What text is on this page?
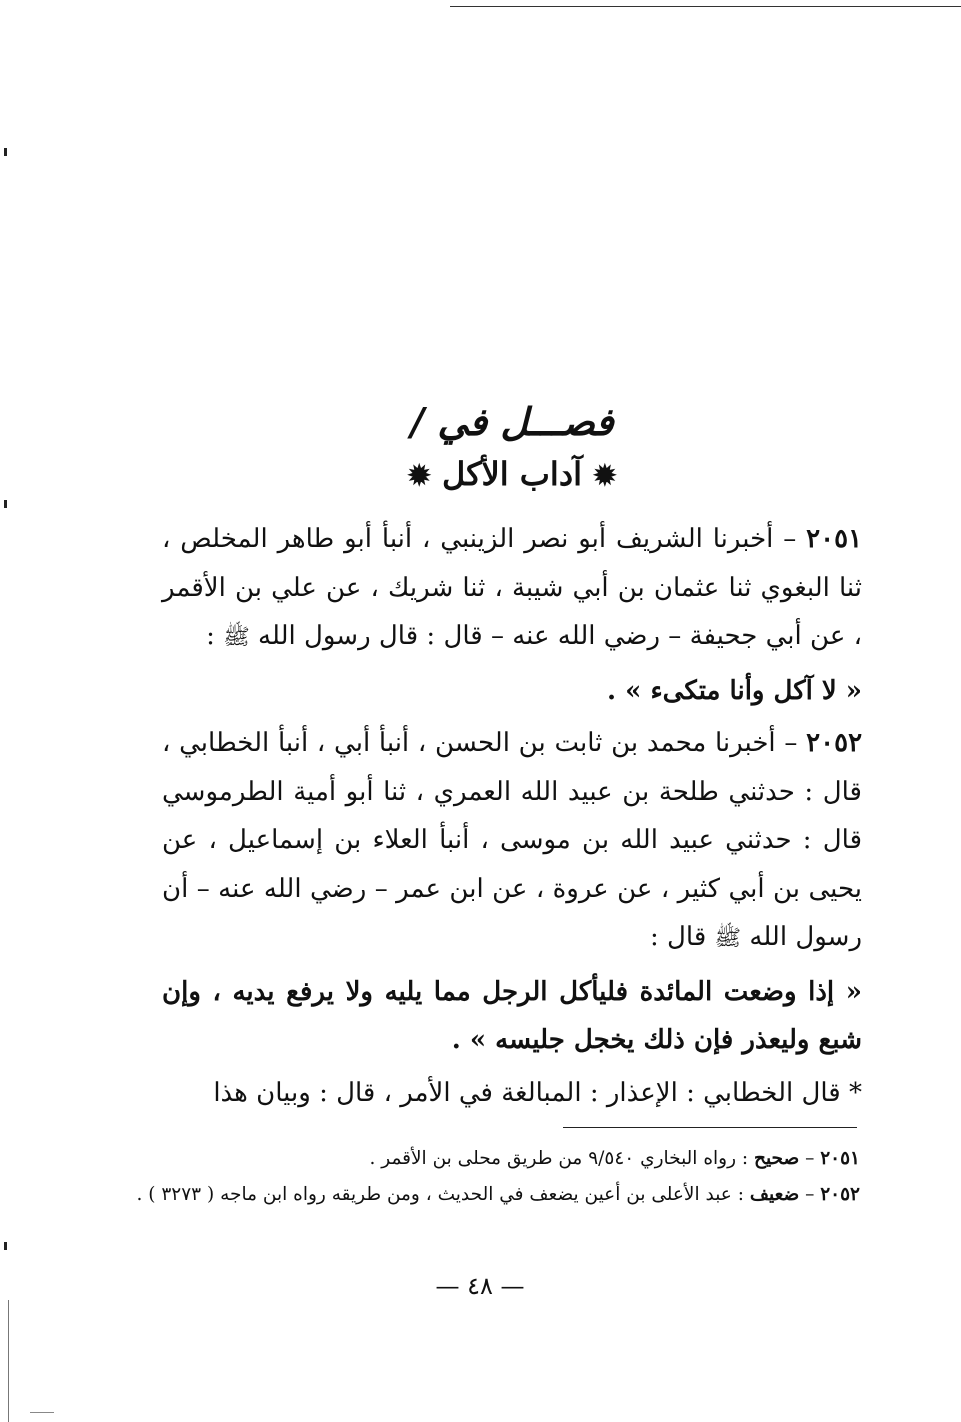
فصـــل في /
✹ آداب الأكل ✹

٢٠٥١ – أخبرنا الشريف أبو نصر الزينبي ، أنبأ أبو طاهر المخلص ، ثنا البغوي ثنا عثمان بن أبي شيبة ، ثنا شريك ، عن علي بن الأقمر ، عن أبي جحيفة – رضي الله عنه – قال : قال رسول الله ﷺ :

« لا آكل وأنا متكىء » .

٢٠٥٢ – أخبرنا محمد بن ثابت بن الحسن ، أنبأ أبي ، أنبأ الخطابي ، قال : حدثني طلحة بن عبيد الله العمري ، ثنا أبو أمية الطرموسي قال : حدثني عبيد الله بن موسى ، أنبأ العلاء بن إسماعيل ، عن يحيى بن أبي كثير ، عن عروة ، عن ابن عمر – رضي الله عنه – أن رسول الله ﷺ قال :

« إذا وضعت المائدة فليأكل الرجل مما يليه ولا يرفع يديه ، وإن شبع وليعذر فإن ذلك يخجل جليسه » .

* قال الخطابي : الإعذار : المبالغة في الأمر ، قال : وبيان هذا

٢٠٥١ – صحيح : رواه البخاري ٩/٥٤٠ من طريق محلى بن الأقمر .

٢٠٥٢ – ضعيف : عبد الأعلى بن أعين يضعف في الحديث ، ومن طريقه رواه ابن ماجه ( ٣٢٧٣ ) .

— ٤٨ —
